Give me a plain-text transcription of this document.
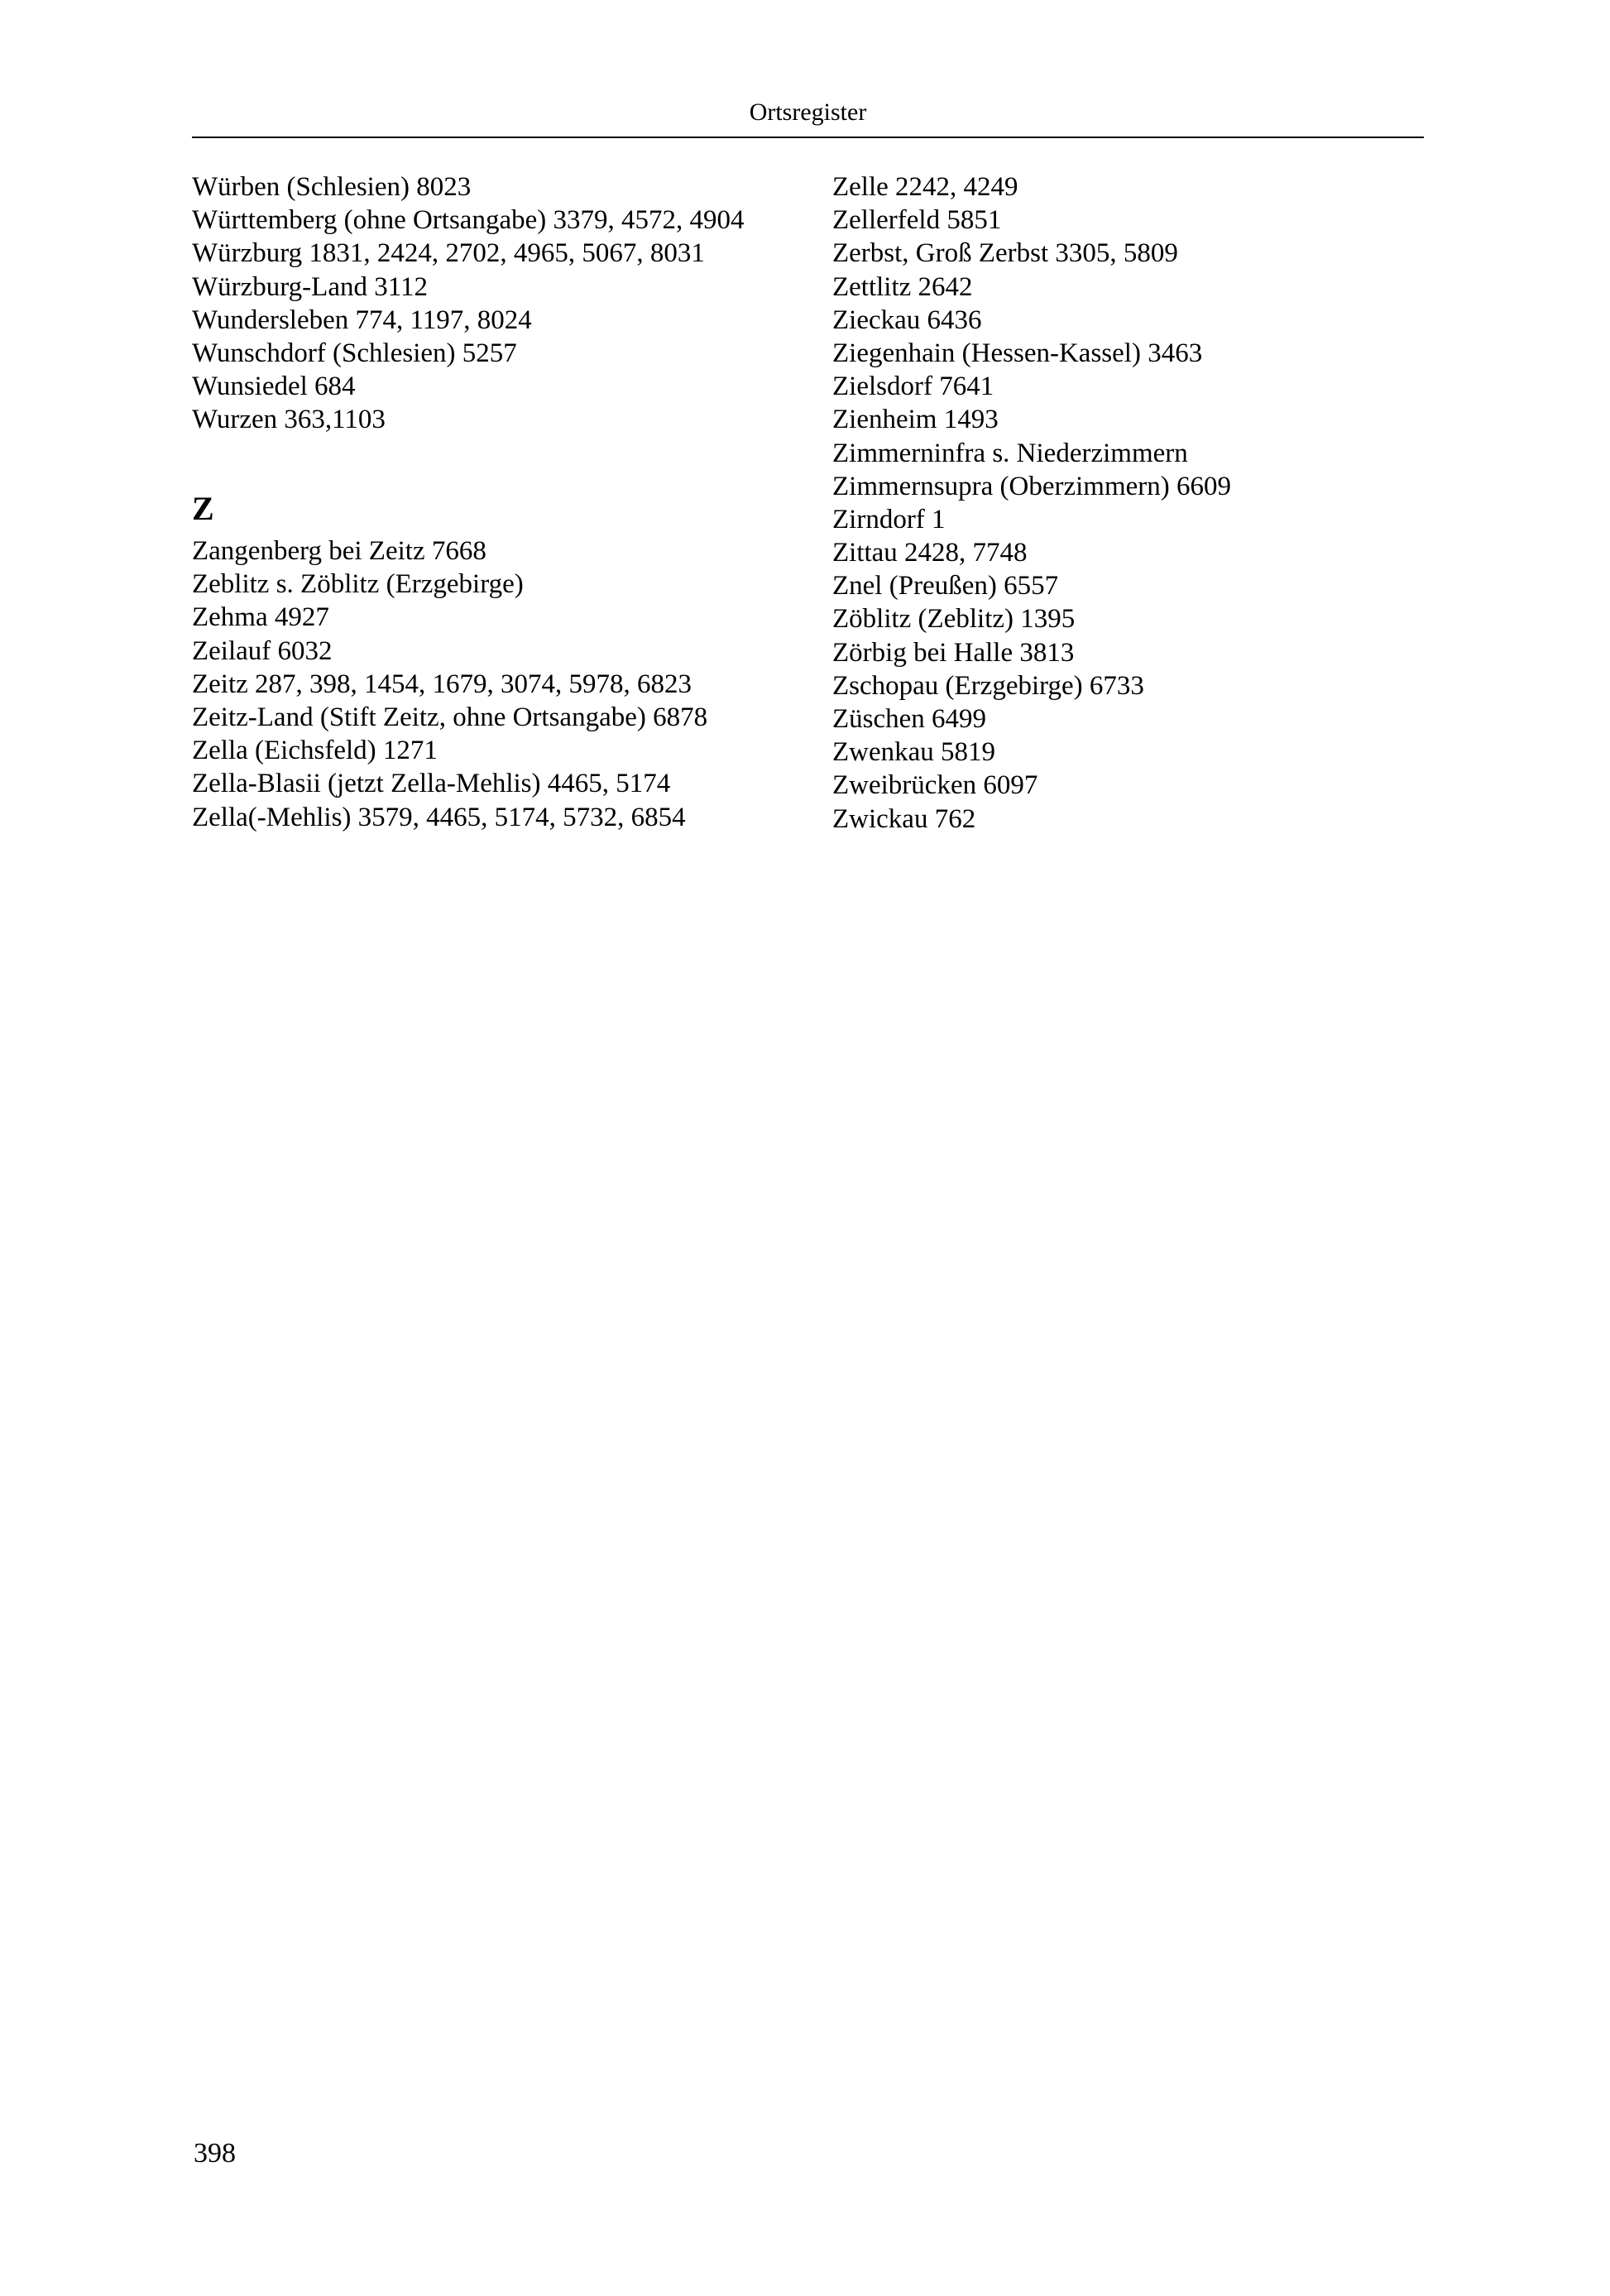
Ortsregister
Würben (Schlesien) 8023
Württemberg (ohne Ortsangabe) 3379, 4572, 4904
Würzburg 1831, 2424, 2702, 4965, 5067, 8031
Würzburg-Land 3112
Wundersleben 774, 1197, 8024
Wunschdorf (Schlesien) 5257
Wunsiedel 684
Wurzen 363,1103
Z
Zangenberg bei Zeitz 7668
Zeblitz s. Zöblitz (Erzgebirge)
Zehma 4927
Zeilauf 6032
Zeitz 287, 398, 1454, 1679, 3074, 5978, 6823
Zeitz-Land (Stift Zeitz, ohne Ortsangabe) 6878
Zella (Eichsfeld) 1271
Zella-Blasii (jetzt Zella-Mehlis) 4465, 5174
Zella(-Mehlis) 3579, 4465, 5174, 5732, 6854
Zelle 2242, 4249
Zellerfeld 5851
Zerbst, Groß Zerbst 3305, 5809
Zettlitz 2642
Zieckau 6436
Ziegenhain (Hessen-Kassel) 3463
Zielsdorf 7641
Zienheim 1493
Zimmerninfra s. Niederzimmern
Zimmernsupra (Oberzimmern) 6609
Zirndorf 1
Zittau 2428, 7748
Znel (Preußen) 6557
Zöblitz (Zeblitz) 1395
Zörbig bei Halle 3813
Zschopau (Erzgebirge) 6733
Züschen 6499
Zwenkau 5819
Zweibrücken 6097
Zwickau 762
398
